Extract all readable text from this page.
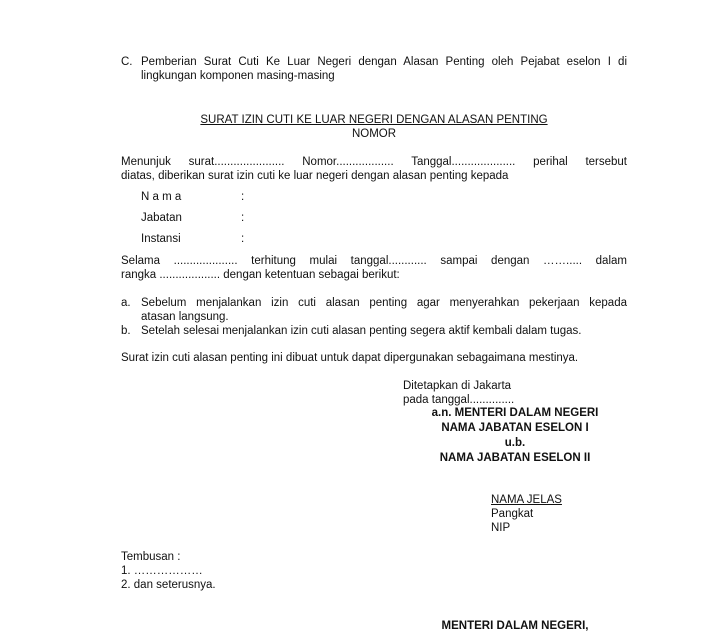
C. Pemberian Surat Cuti Ke Luar Negeri dengan Alasan Penting oleh Pejabat eselon I di
lingkungan komponen masing-masing
SURAT IZIN CUTI KE LUAR NEGERI DENGAN ALASAN PENTING
NOMOR
Menunjuk surat...................... Nomor.................. Tanggal.................... perihal tersebut
diatas, diberikan surat izin cuti ke luar negeri dengan alasan penting kepada
N a m a	:
Jabatan	:
Instansi	:
Selama .................... terhitung mulai tanggal............ sampai dengan ……..... dalam
rangka ................... dengan ketentuan sebagai berikut:
a. Sebelum menjalankan izin cuti alasan penting agar menyerahkan pekerjaan kepada
atasan langsung.
b. Setelah selesai menjalankan izin cuti alasan penting segera aktif kembali dalam tugas.
Surat izin cuti alasan penting ini dibuat untuk dapat dipergunakan sebagaimana mestinya.
Ditetapkan di Jakarta
pada tanggal..............
a.n. MENTERI DALAM NEGERI
NAMA JABATAN ESELON I
u.b.
NAMA JABATAN ESELON II
NAMA JELAS
Pangkat
NIP
Tembusan :
1. ………………
2. dan seterusnya.
MENTERI DALAM NEGERI,
